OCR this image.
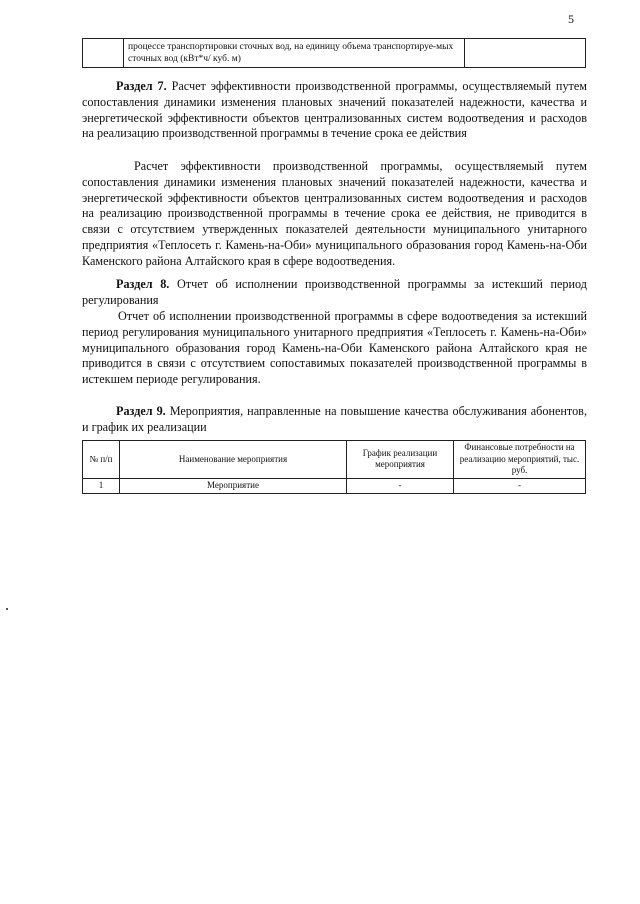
5
	процессе транспортировки сточных вод, на единицу объема транспортируе-мых сточных вод (кВт*ч/ куб. м)	

Раздел 7. Расчет эффективности производственной программы, осуществляемый путем сопоставления динамики изменения плановых значений показателей надежности, качества и энергетической эффективности объектов централизованных систем водоотведения и расходов на реализацию производственной программы в течение срока ее действия

Расчет эффективности производственной программы, осуществляемый путем сопоставления динамики изменения плановых значений показателей надежности, качества и энергетической эффективности объектов централизованных систем водоотведения и расходов на реализацию производственной программы в течение срока ее действия, не приводится в связи с отсутствием утвержденных показателей деятельности муниципального унитарного предприятия «Теплосеть г. Камень-на-Оби» муниципального образования город Камень-на-Оби Каменского района Алтайского края в сфере водоотведения.

Раздел 8. Отчет об исполнении производственной программы за истекший период регулирования

Отчет об исполнении производственной программы в сфере водоотведения за истекший период регулирования муниципального унитарного предприятия «Теплосеть г. Камень-на-Оби» муниципального образования город Камень-на-Оби Каменского района Алтайского края не приводится в связи с отсутствием сопоставимых показателей производственной программы в истекшем периоде регулирования.

Раздел 9. Мероприятия, направленные на повышение качества обслуживания абонентов, и график их реализации

№ п/п	Наименование мероприятия	График реализации мероприятия	Финансовые потребности на реализацию мероприятий, тыс. руб.
1	Мероприятие	-	-
